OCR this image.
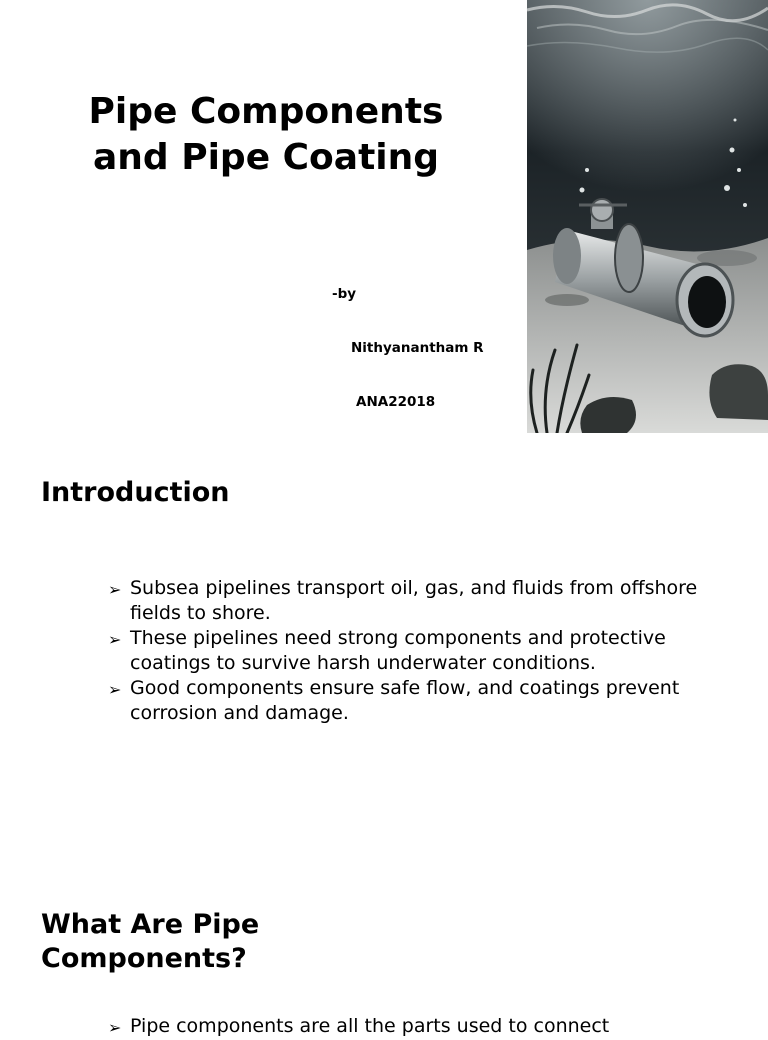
Pipe Components
and Pipe Coating

-by

Nithyanantham R

ANA22018

Introduction
➢ Subsea pipelines transport oil, gas, and fluids from offshore fields to shore.
➢ These pipelines need strong components and protective coatings to survive harsh underwater conditions.
➢ Good components ensure safe flow, and coatings prevent corrosion and damage.
What Are Pipe
Components?
➢ Pipe components are all the parts used to connect
